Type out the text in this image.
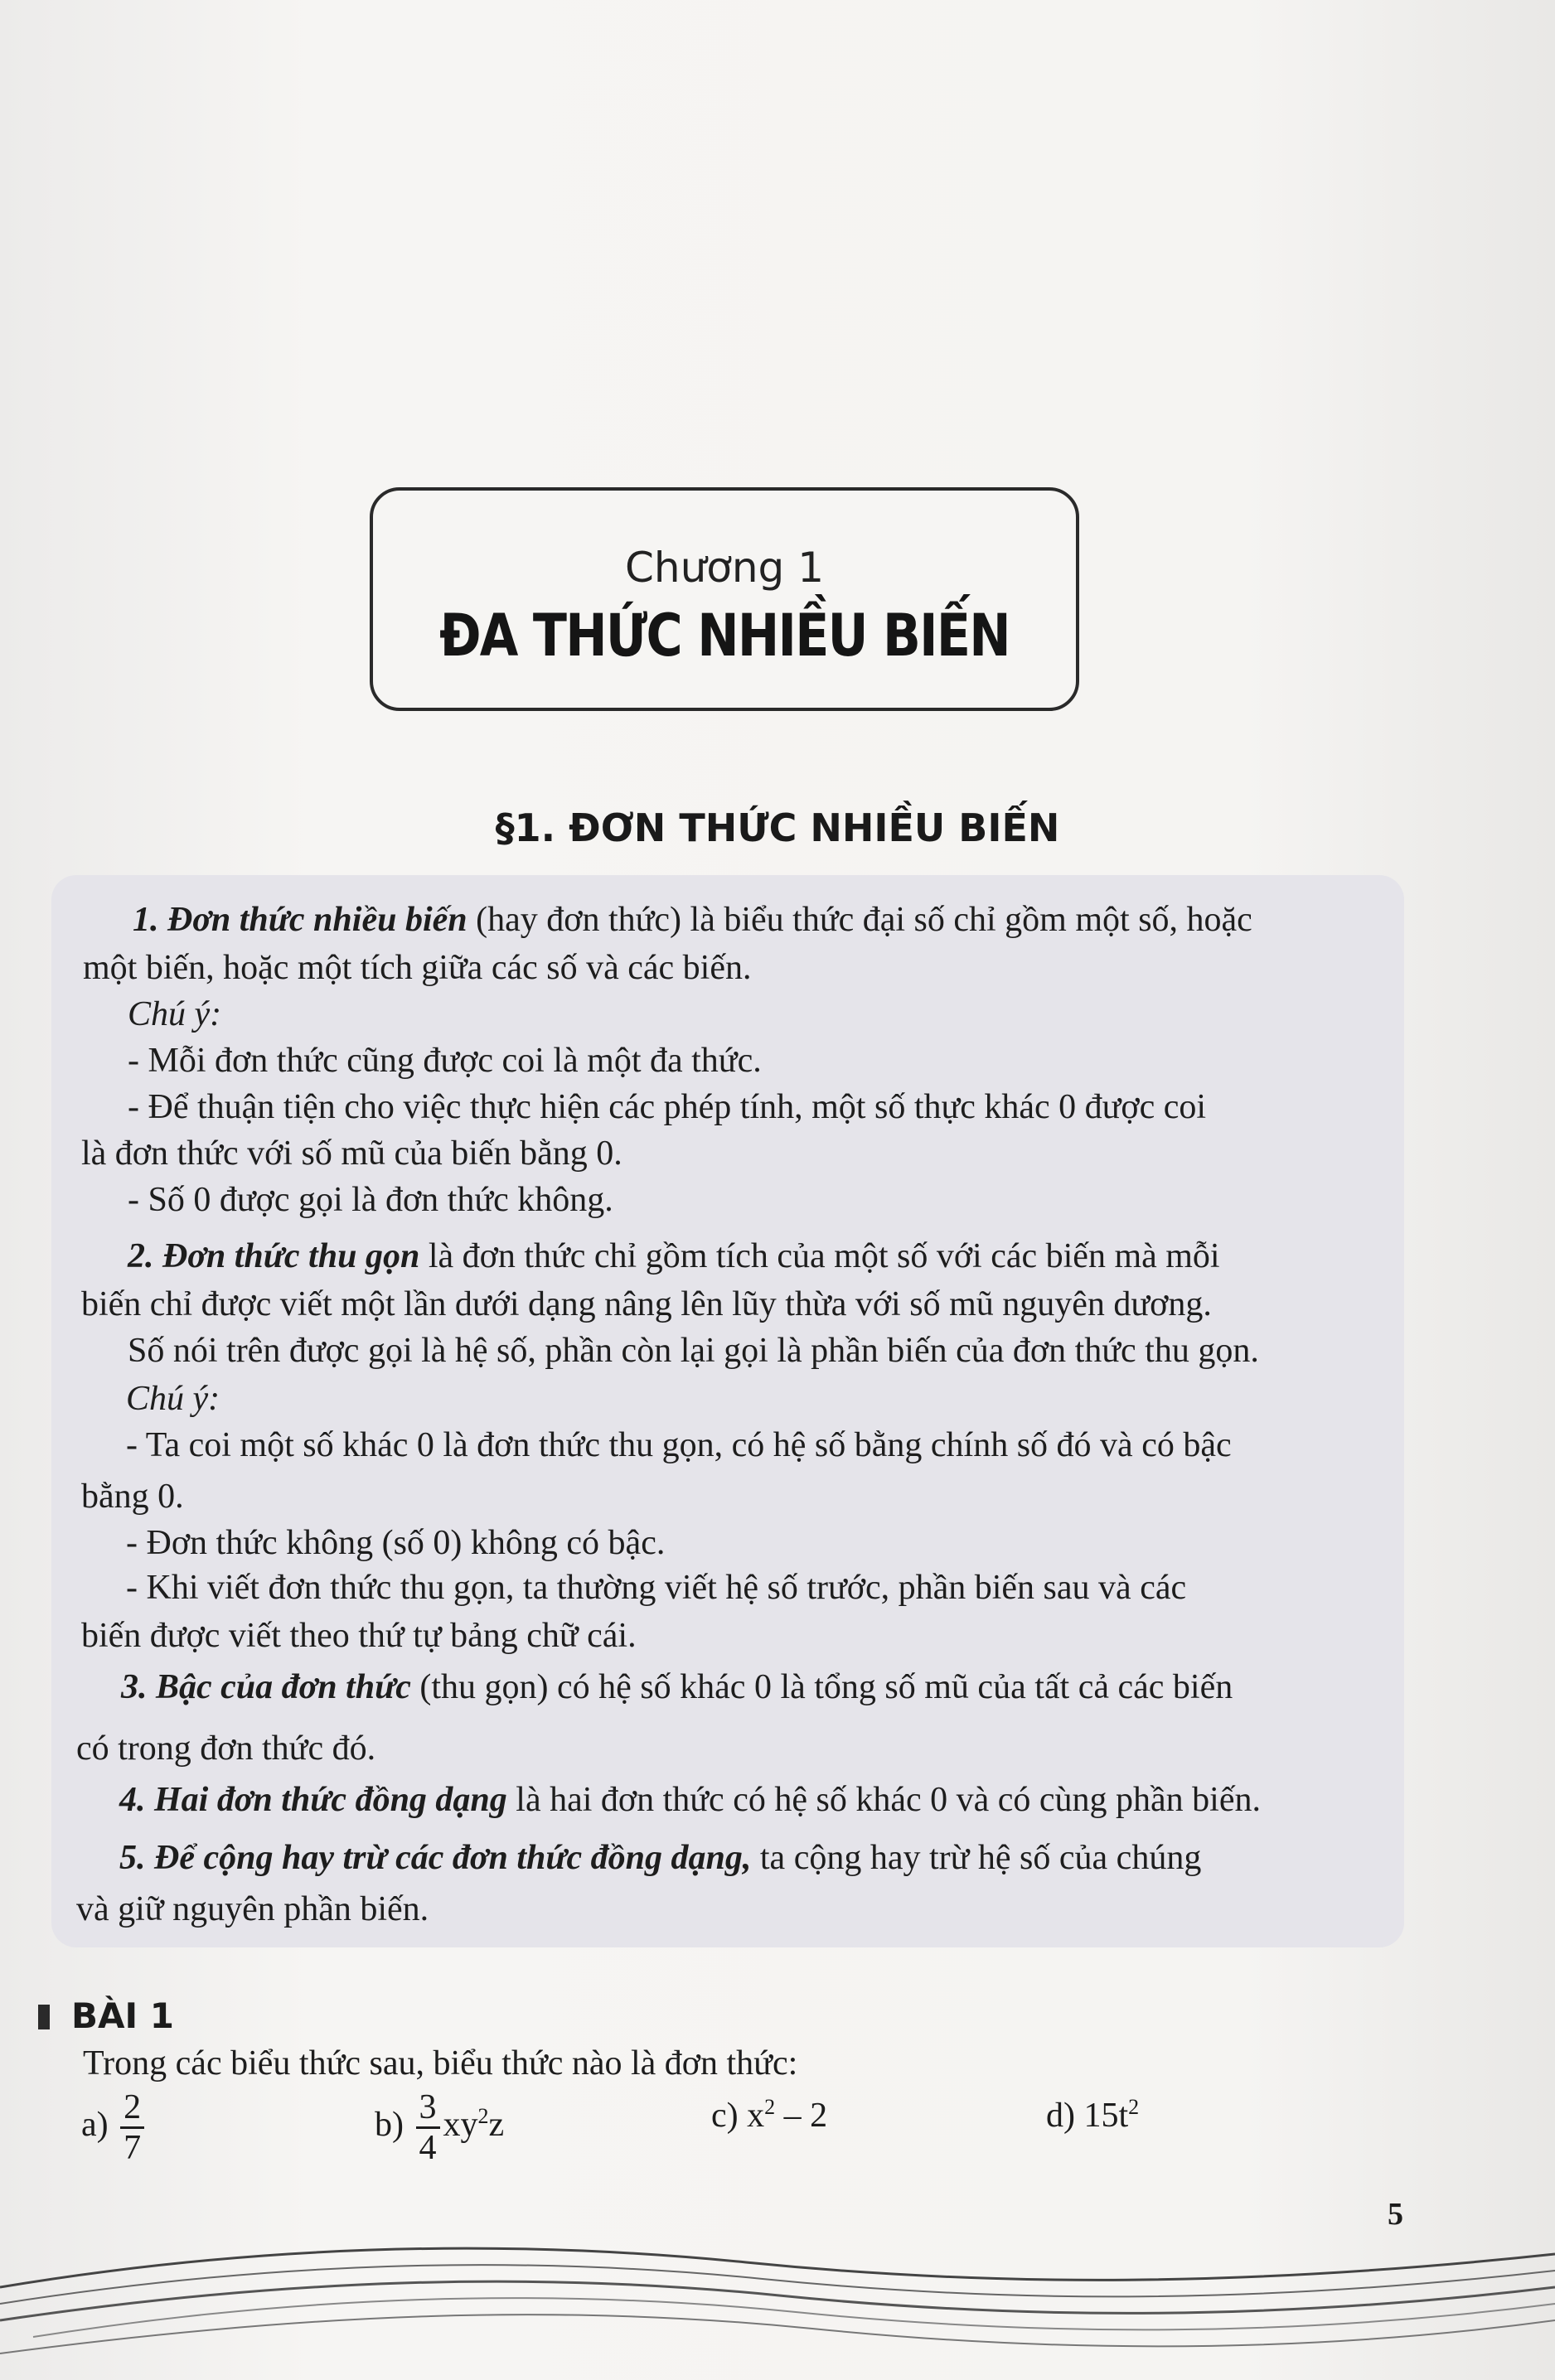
Chương 1
ĐA THỨC NHIỀU BIẾN
§1. ĐƠN THỨC NHIỀU BIẾN
1. Đơn thức nhiều biến (hay đơn thức) là biểu thức đại số chỉ gồm một số, hoặc
một biến, hoặc một tích giữa các số và các biến.
Chú ý:
- Mỗi đơn thức cũng được coi là một đa thức.
- Để thuận tiện cho việc thực hiện các phép tính, một số thực khác 0 được coi
là đơn thức với số mũ của biến bằng 0.
- Số 0 được gọi là đơn thức không.
2. Đơn thức thu gọn là đơn thức chỉ gồm tích của một số với các biến mà mỗi
biến chỉ được viết một lần dưới dạng nâng lên lũy thừa với số mũ nguyên dương.
Số nói trên được gọi là hệ số, phần còn lại gọi là phần biến của đơn thức thu gọn.
Chú ý:
- Ta coi một số khác 0 là đơn thức thu gọn, có hệ số bằng chính số đó và có bậc
bằng 0.
- Đơn thức không (số 0) không có bậc.
- Khi viết đơn thức thu gọn, ta thường viết hệ số trước, phần biến sau và các
biến được viết theo thứ tự bảng chữ cái.
3. Bậc của đơn thức (thu gọn) có hệ số khác 0 là tổng số mũ của tất cả các biến
có trong đơn thức đó.
4. Hai đơn thức đồng dạng là hai đơn thức có hệ số khác 0 và có cùng phần biến.
5. Để cộng hay trừ các đơn thức đồng dạng, ta cộng hay trừ hệ số của chúng
và giữ nguyên phần biến.
BÀI 1
Trong các biểu thức sau, biểu thức nào là đơn thức:
$a) \frac{2}{7}$	$b) \frac{3}{4} xy^2z$	c) $x^2 - 2$	d) $15t^2$
5
